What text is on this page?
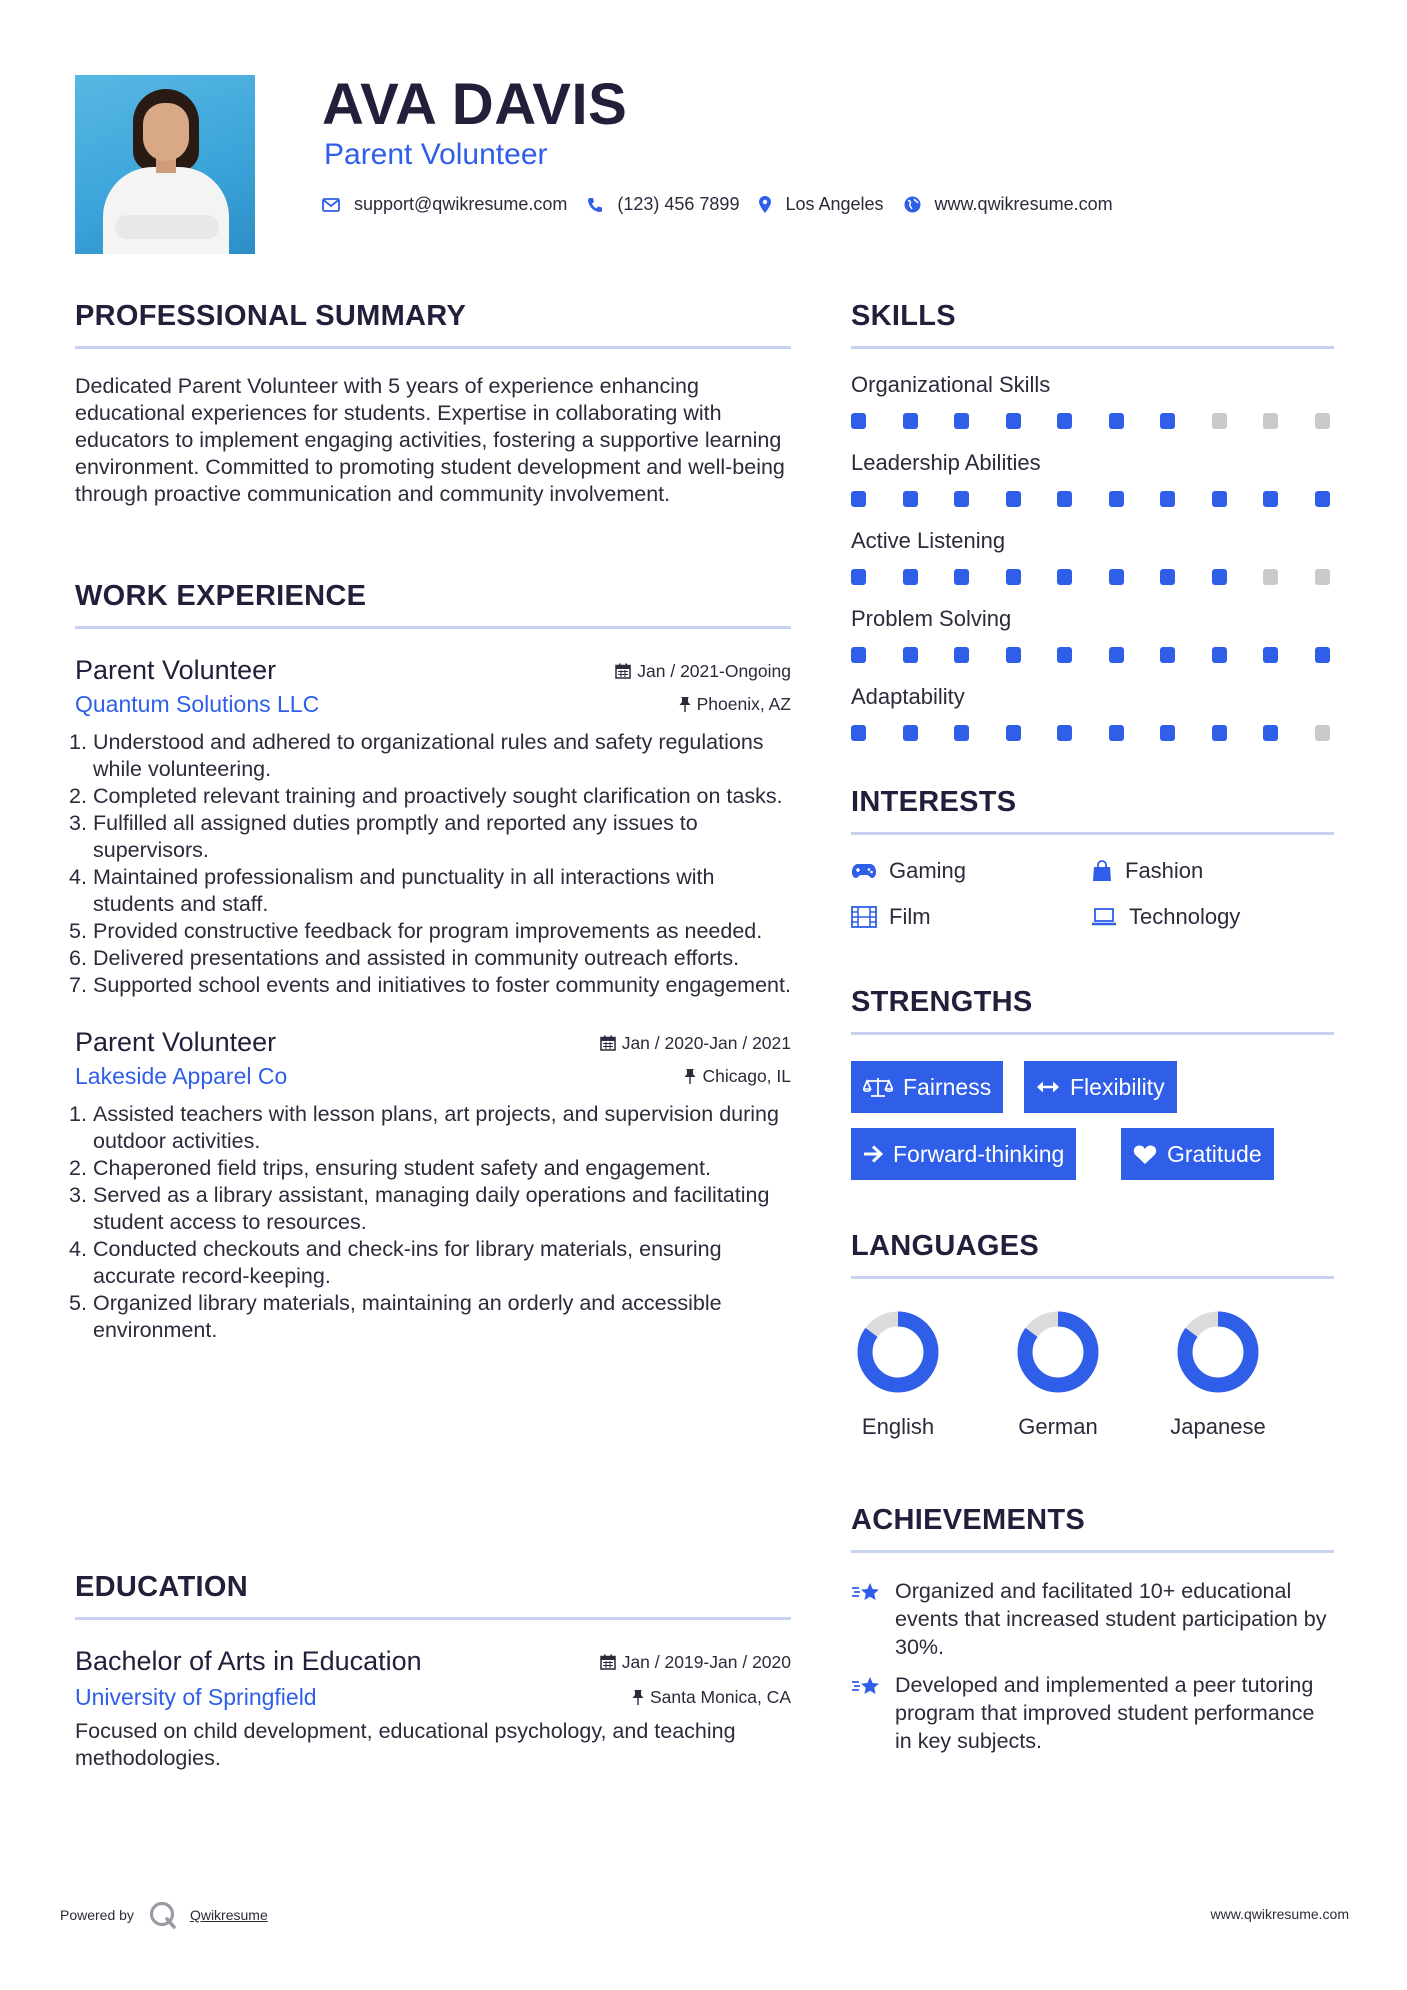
AVA DAVIS
Parent Volunteer
support@qwikresume.com	(123) 456 7899	Los Angeles	www.qwikresume.com
PROFESSIONAL SUMMARY
Dedicated Parent Volunteer with 5 years of experience enhancing educational experiences for students. Expertise in collaborating with educators to implement engaging activities, fostering a supportive learning environment. Committed to promoting student development and well-being through proactive communication and community involvement.
WORK EXPERIENCE
Parent Volunteer	Jan / 2021-Ongoing
Quantum Solutions LLC	Phoenix, AZ
1. Understood and adhered to organizational rules and safety regulations while volunteering.
2. Completed relevant training and proactively sought clarification on tasks.
3. Fulfilled all assigned duties promptly and reported any issues to supervisors.
4. Maintained professionalism and punctuality in all interactions with students and staff.
5. Provided constructive feedback for program improvements as needed.
6. Delivered presentations and assisted in community outreach efforts.
7. Supported school events and initiatives to foster community engagement.
Parent Volunteer	Jan / 2020-Jan / 2021
Lakeside Apparel Co	Chicago, IL
1. Assisted teachers with lesson plans, art projects, and supervision during outdoor activities.
2. Chaperoned field trips, ensuring student safety and engagement.
3. Served as a library assistant, managing daily operations and facilitating student access to resources.
4. Conducted checkouts and check-ins for library materials, ensuring accurate record-keeping.
5. Organized library materials, maintaining an orderly and accessible environment.
EDUCATION
Bachelor of Arts in Education	Jan / 2019-Jan / 2020
University of Springfield	Santa Monica, CA
Focused on child development, educational psychology, and teaching methodologies.
SKILLS
Organizational Skills
Leadership Abilities
Active Listening
Problem Solving
Adaptability
INTERESTS
Gaming	Fashion
Film	Technology
STRENGTHS
Fairness	Flexibility
Forward-thinking	Gratitude
LANGUAGES
English	German	Japanese
ACHIEVEMENTS
Organized and facilitated 10+ educational events that increased student participation by 30%.
Developed and implemented a peer tutoring program that improved student performance in key subjects.
Powered by	Qwikresume	www.qwikresume.com
